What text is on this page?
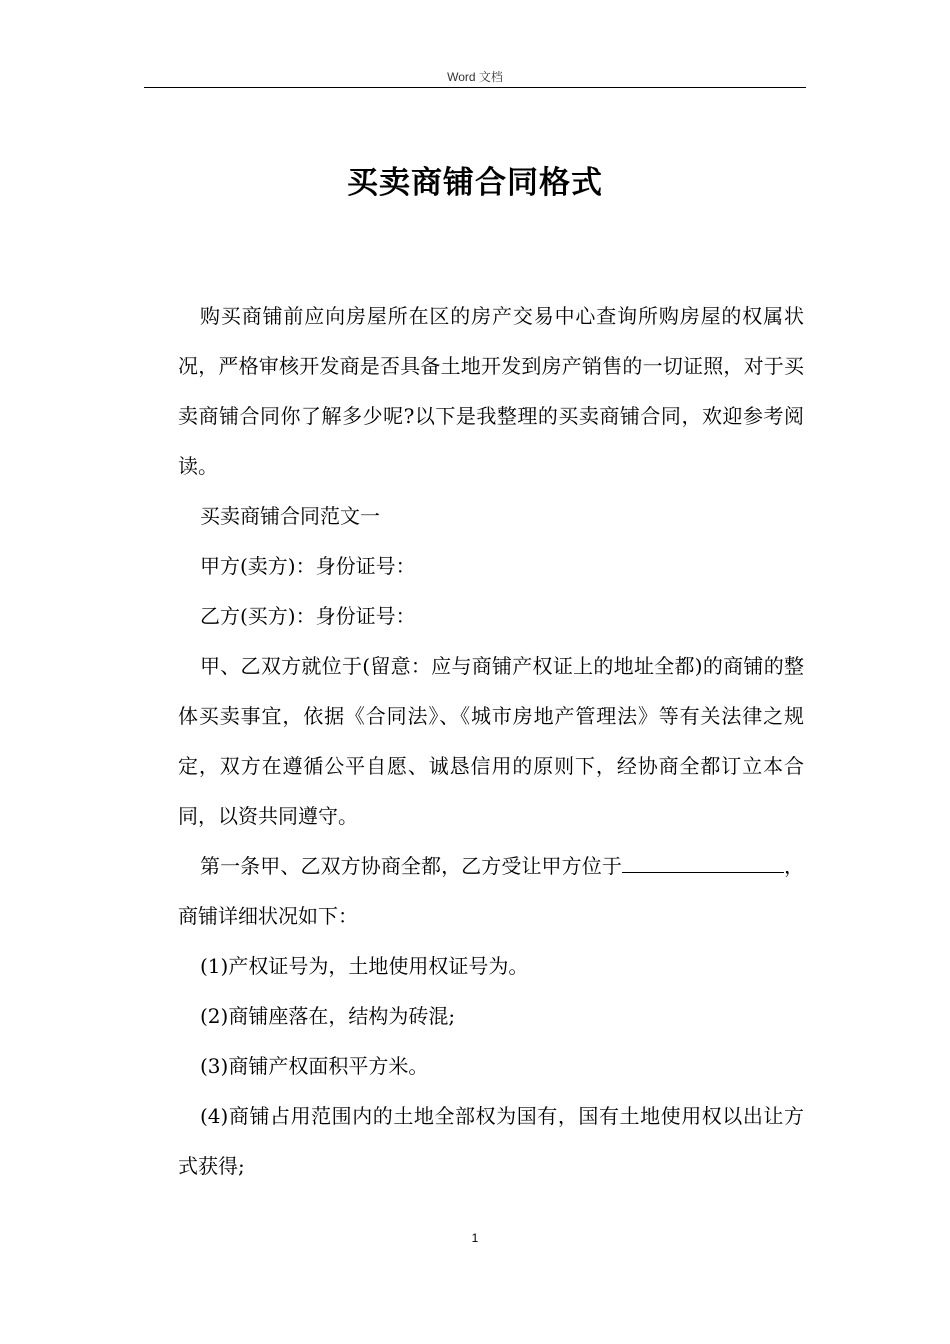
Word 文档
买卖商铺合同格式

购买商铺前应向房屋所在区的房产交易中心查询所购房屋的权属状况，严格审核开发商是否具备土地开发到房产销售的一切证照，对于买卖商铺合同你了解多少呢?以下是我整理的买卖商铺合同，欢迎参考阅读。

买卖商铺合同范文一

甲方(卖方)：身份证号：

乙方(买方)：身份证号：

甲、乙双方就位于(留意：应与商铺产权证上的地址全都)的商铺的整体买卖事宜，依据《合同法》、《城市房地产管理法》等有关法律之规定，双方在遵循公平自愿、诚恳信用的原则下，经协商全都订立本合同，以资共同遵守。

第一条甲、乙双方协商全都，乙方受让甲方位于	，商铺详细状况如下：

(1)产权证号为，土地使用权证号为。

(2)商铺座落在，结构为砖混;

(3)商铺产权面积平方米。

(4)商铺占用范围内的土地全部权为国有，国有土地使用权以出让方式获得;

1
